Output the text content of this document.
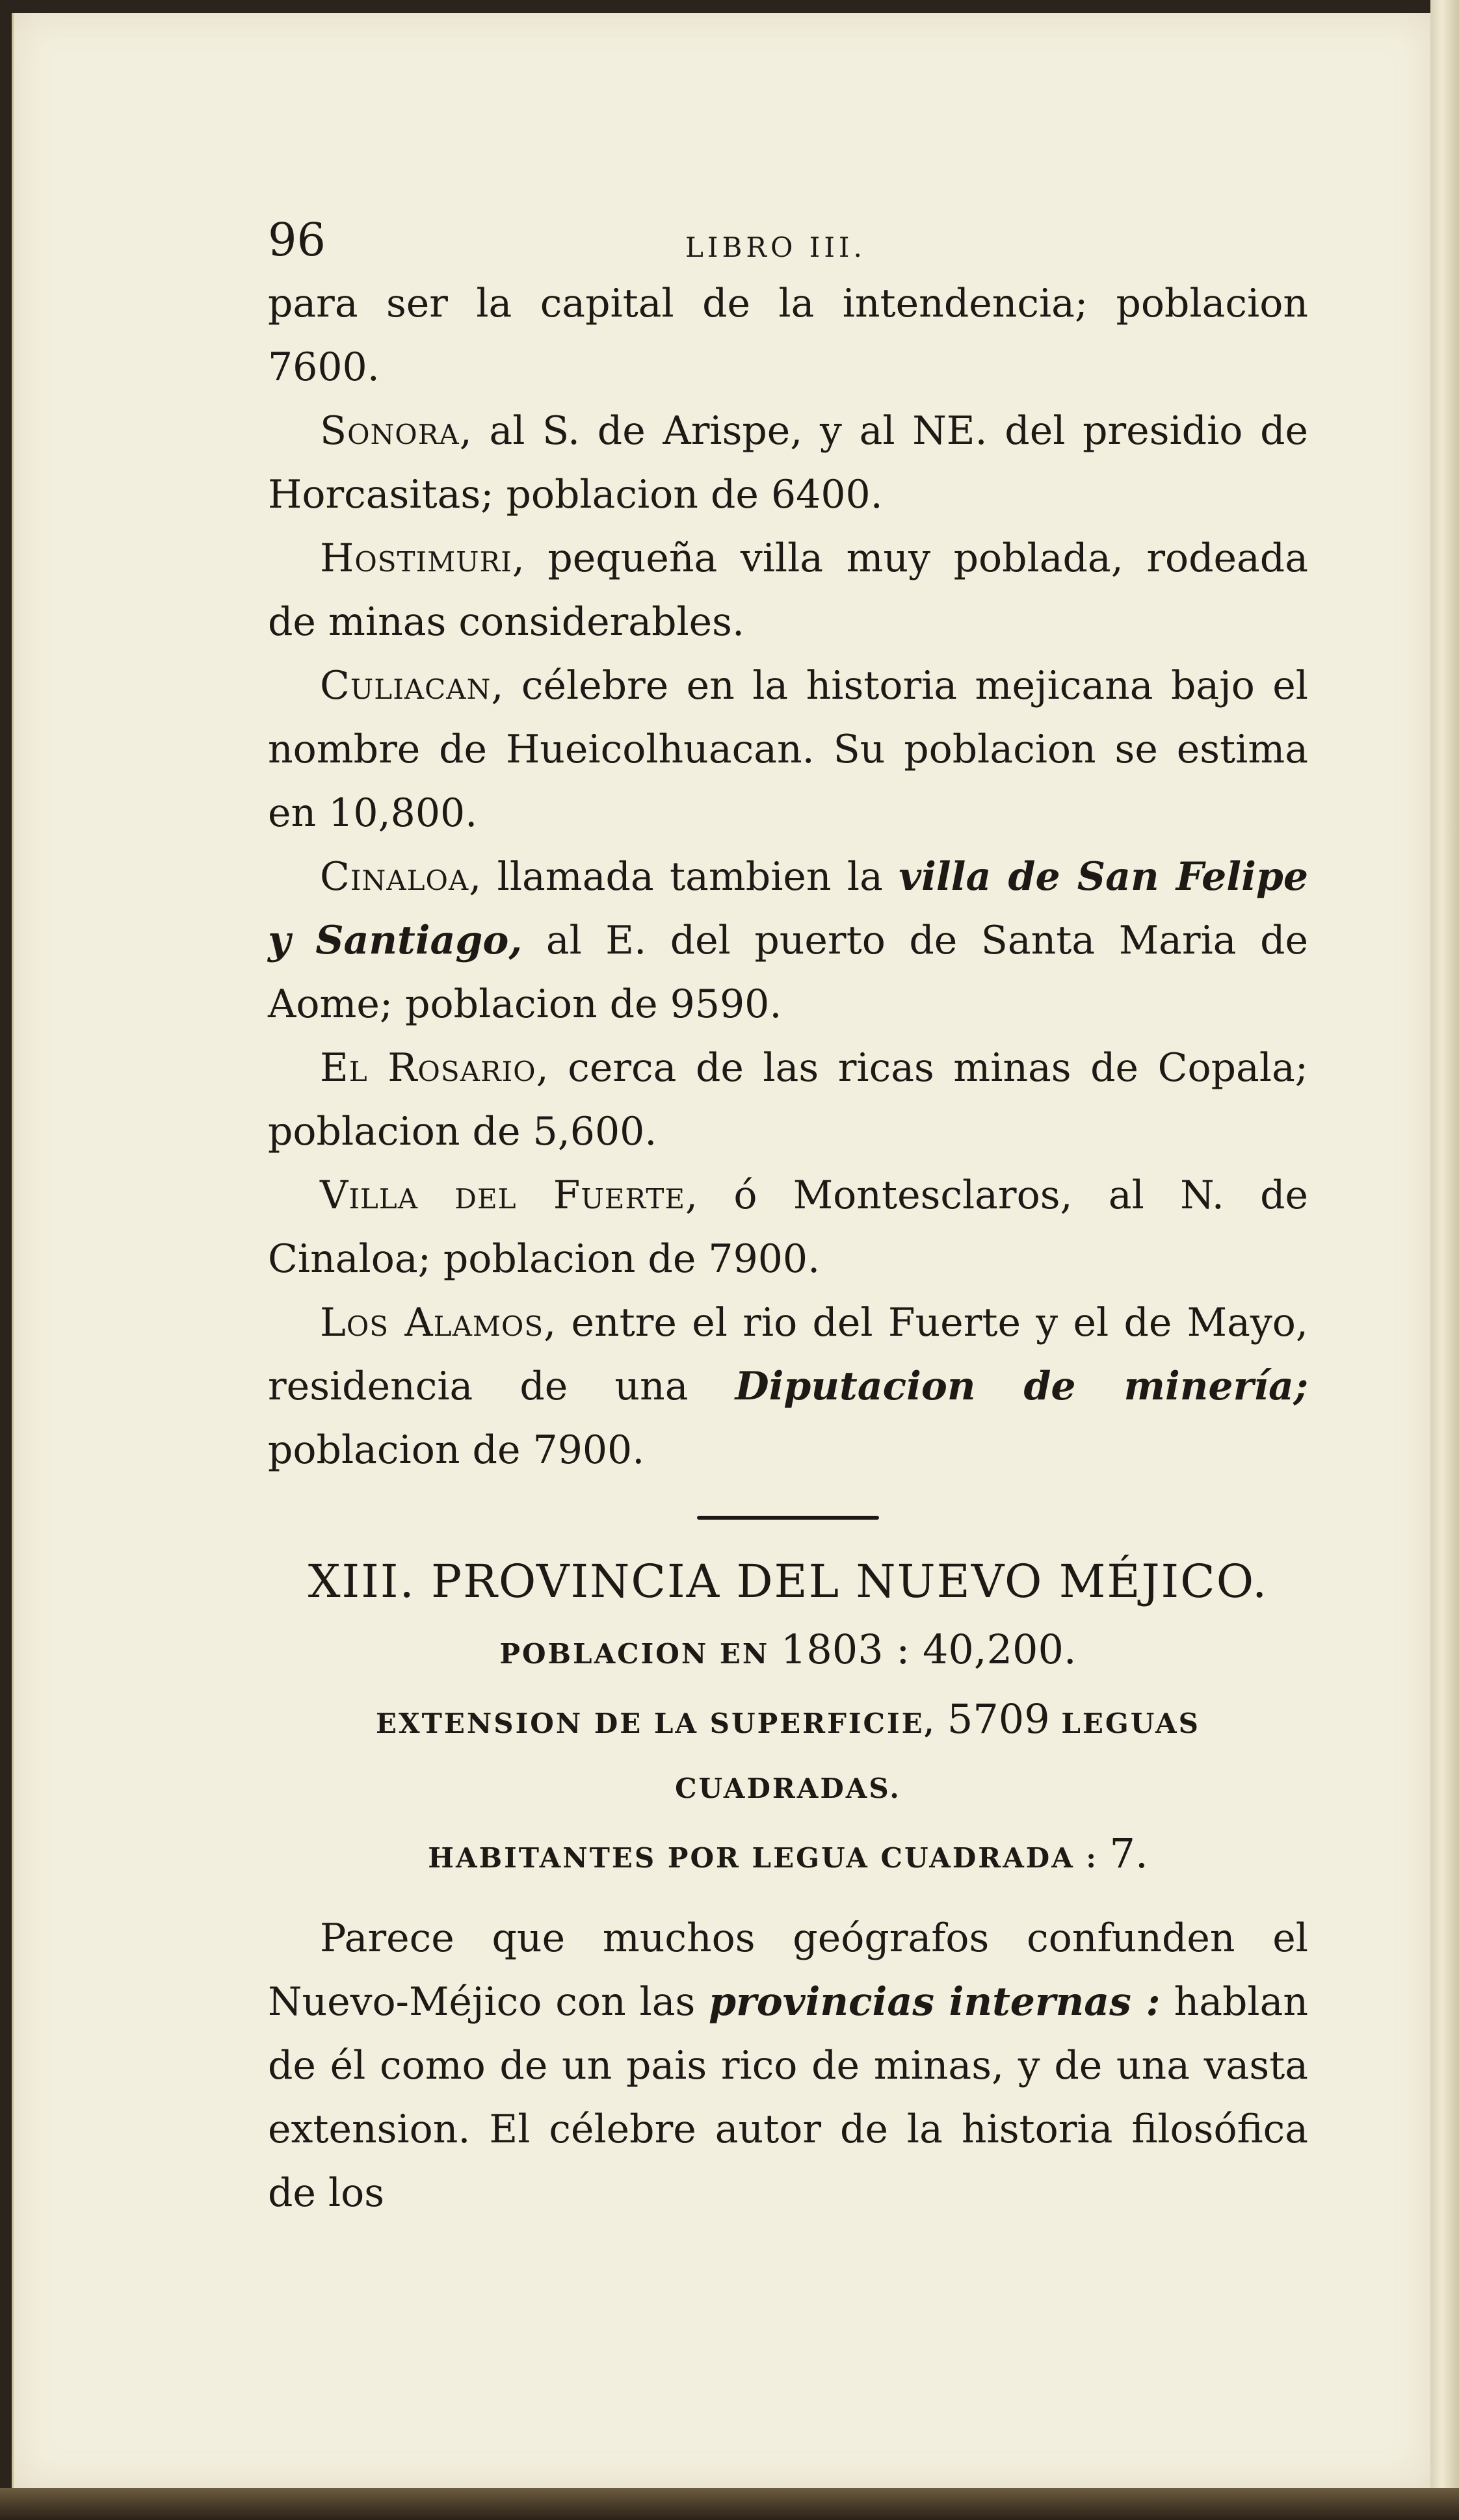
96	LIBRO III.

para ser la capital de la intendencia; poblacion 7600.

Sonora, al S. de Arispe, y al NE. del presidio de Horcasitas; poblacion de 6400.

Hostimuri, pequeña villa muy poblada, rodeada de minas considerables.

Culiacan, célebre en la historia mejicana bajo el nombre de Hueicolhuacan. Su poblacion se estima en 10,800.

Cinaloa, llamada tambien la villa de San Felipe y Santiago, al E. del puerto de Santa Maria de Aome; poblacion de 9590.

El Rosario, cerca de las ricas minas de Copala; poblacion de 5,600.

Villa del Fuerte, ó Montesclaros, al N. de Cinaloa; poblacion de 7900.

Los Alamos, entre el rio del Fuerte y el de Mayo, residencia de una Diputacion de minería; poblacion de 7900.

XIII. PROVINCIA DEL NUEVO MÉJICO.
POBLACION EN 1803 : 40,200.
EXTENSION DE LA SUPERFICIE, 5709 LEGUAS CUADRADAS.
HABITANTES POR LEGUA CUADRADA : 7.

Parece que muchos geógrafos confunden el Nuevo-Méjico con las provincias internas : hablan de él como de un pais rico de minas, y de una vasta extension. El célebre autor de la historia filosófica de los
